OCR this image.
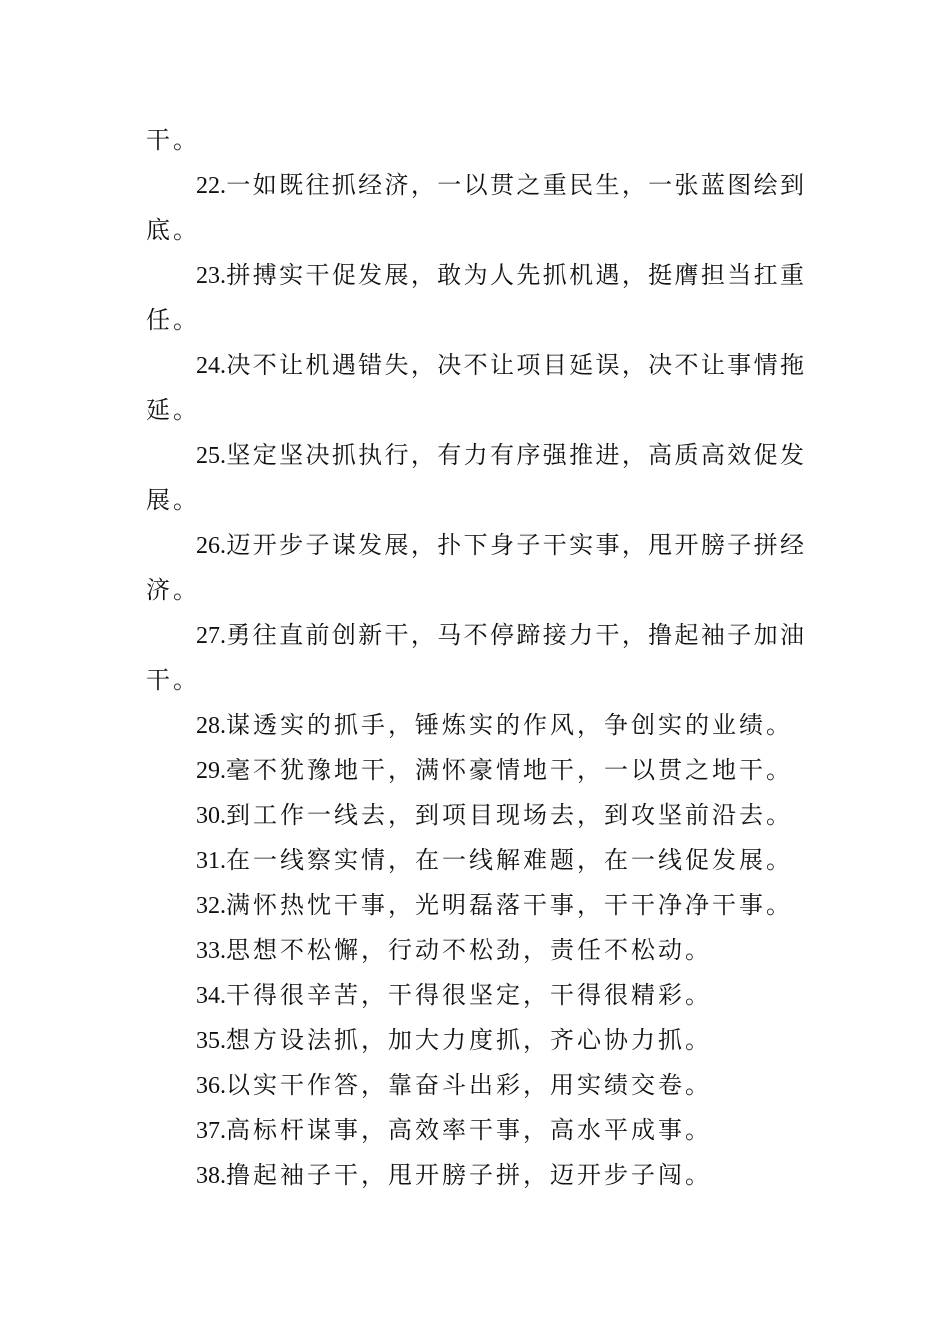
干。
22.一如既往抓经济，一以贯之重民生，一张蓝图绘到
底。
23.拼搏实干促发展，敢为人先抓机遇，挺膺担当扛重
任。
24.决不让机遇错失，决不让项目延误，决不让事情拖
延。
25.坚定坚决抓执行，有力有序强推进，高质高效促发
展。
26.迈开步子谋发展，扑下身子干实事，甩开膀子拼经
济。
27.勇往直前创新干，马不停蹄接力干，撸起袖子加油
干。
28.谋透实的抓手，锤炼实的作风，争创实的业绩。
29.毫不犹豫地干，满怀豪情地干，一以贯之地干。
30.到工作一线去，到项目现场去，到攻坚前沿去。
31.在一线察实情，在一线解难题，在一线促发展。
32.满怀热忱干事，光明磊落干事，干干净净干事。
33.思想不松懈，行动不松劲，责任不松动。
34.干得很辛苦，干得很坚定，干得很精彩。
35.想方设法抓，加大力度抓，齐心协力抓。
36.以实干作答，靠奋斗出彩，用实绩交卷。
37.高标杆谋事，高效率干事，高水平成事。
38.撸起袖子干，甩开膀子拼，迈开步子闯。
